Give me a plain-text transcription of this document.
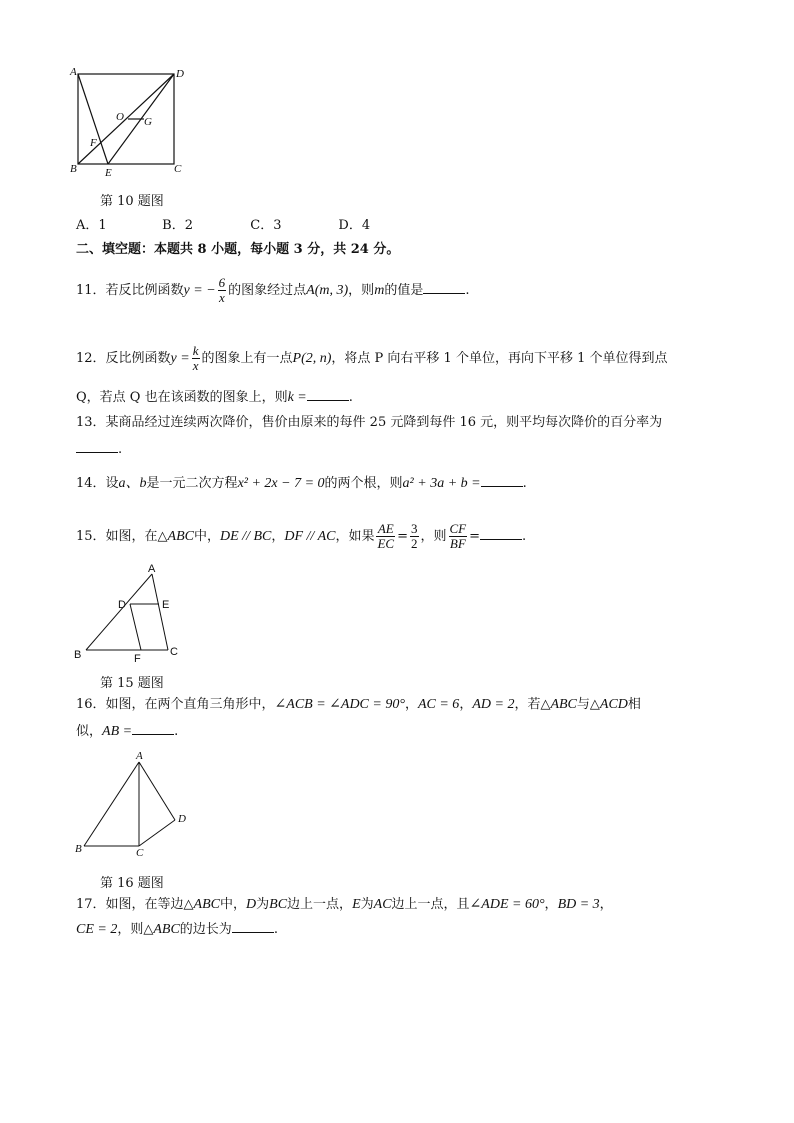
A	D
B	C
E
F
O G
第 10 题图
A．1	B．2	C．3	D．4
二、填空题：本题共 8 小题，每小题 3 分，共 24 分。
11．若反比例函数y = − $\frac{6}{x}$ 的图象经过点A(m, 3)，则m的值是	.
12．反比例函数$y = \frac{k}{x}$ 的图象上有一点P(2, n)，将点 P 向右平移 1 个单位，再向下平移 1 个单位得到点
Q，若点 Q 也在该函数的图象上，则k =	.
13．某商品经过连续两次降价，售价由原来的每件 25 元降到每件 16 元，则平均每次降价的百分率为
.
14．设a、b是一元二次方程x² + 2x − 7 = 0的两个根，则a² + 3a + b =	.
15．如图，在△ABC中，DE // BC，DF // AC，如果 $\frac{AE}{EC} = \frac{3}{2}$ ，则 $\frac{CF}{BF}$ =	.
A
D	E
B	F
C
第 15 题图
16．如图，在两个直角三角形中，∠ACB = ∠ADC = 90°，AC = 6，AD = 2，若△ABC与△ACD相
似，AB =	.
A
B	C
D
第 16 题图
17．如图，在等边△ABC中，D为BC边上一点，E为AC边上一点，且∠ADE = 60°，BD = 3，
CE = 2，则△ABC的边长为	.
